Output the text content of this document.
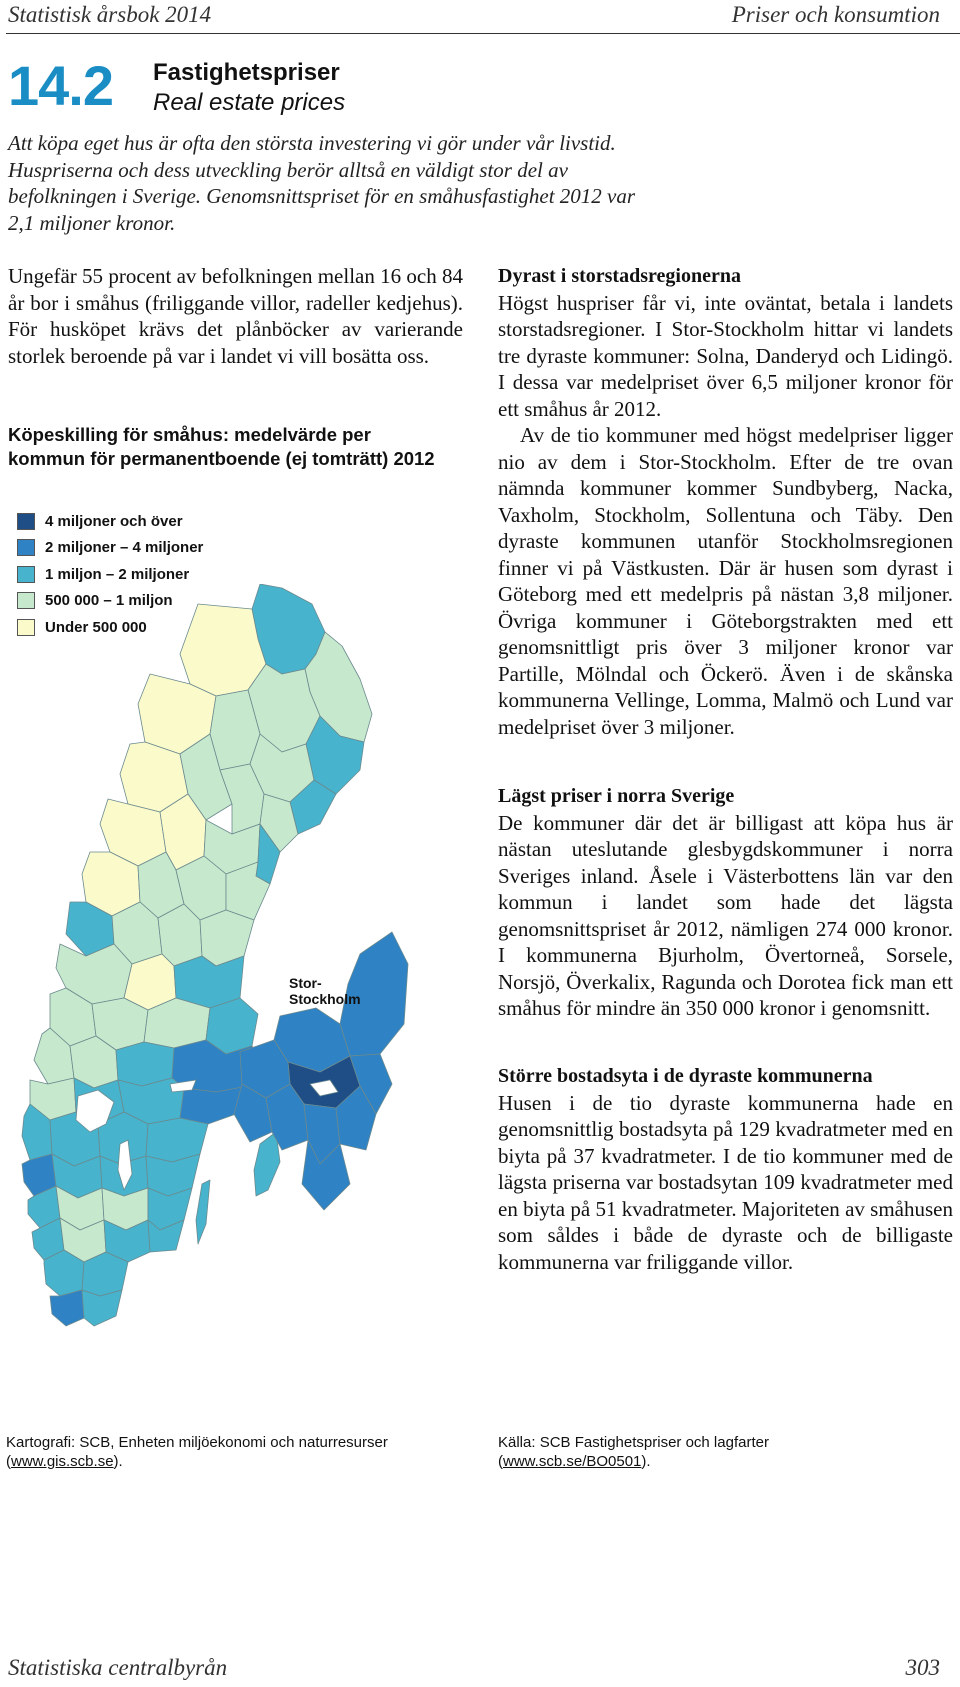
Statistisk årsbok 2014	Priser och konsumtion
14.2 Fastighetspriser
Real estate prices
Att köpa eget hus är ofta den största investering vi gör under vår livstid. Huspriserna och dess utveckling berör alltså en väldigt stor del av befolkningen i Sverige. Genomsnittspriset för en småhusfastighet 2012 var 2,1 miljoner kronor.
Ungefär 55 procent av befolkningen mellan 16 och 84 år bor i småhus (friliggande villor, radeller kedjehus). För husköpet krävs det plånböcker av varierande storlek beroende på var i landet vi vill bosätta oss.
Köpeskilling för småhus: medelvärde per kommun för permanentboende (ej tomträtt) 2012
4 miljoner och över
2 miljoner – 4 miljoner
1 miljon – 2 miljoner
500 000 – 1 miljon
Under 500 000
Stor-
Stockholm
Dyrast i storstadsregionerna
Högst huspriser får vi, inte oväntat, betala i landets storstadsregioner. I Stor-Stockholm hittar vi landets tre dyraste kommuner: Solna, Danderyd och Lidingö. I dessa var medelpriset över 6,5 miljoner kronor för ett småhus år 2012.
Av de tio kommuner med högst medelpriser ligger nio av dem i Stor-Stockholm. Efter de tre ovan nämnda kommuner kommer Sundbyberg, Nacka, Vaxholm, Stockholm, Sollentuna och Täby. Den dyraste kommunen utanför Stockholmsregionen finner vi på Västkusten. Där är husen som dyrast i Göteborg med ett medelpris på nästan 3,8 miljoner. Övriga kommuner i Göteborgstrakten med ett genomsnittligt pris över 3 miljoner kronor var Partille, Mölndal och Öckerö. Även i de skånska kommunerna Vellinge, Lomma, Malmö och Lund var medelpriset över 3 miljoner.
Lägst priser i norra Sverige
De kommuner där det är billigast att köpa hus är nästan uteslutande glesbygdskommuner i norra Sveriges inland. Åsele i Västerbottens län var den kommun i landet som hade det lägsta genomsnittspriset år 2012, nämligen 274 000 kronor. I kommunerna Bjurholm, Övertorneå, Sorsele, Norsjö, Överkalix, Ragunda och Dorotea fick man ett småhus för mindre än 350 000 kronor i genomsnitt.
Större bostadsyta i de dyraste kommunerna
Husen i de tio dyraste kommunerna hade en genomsnittlig bostadsyta på 129 kvadratmeter med en biyta på 37 kvadratmeter. I de tio kommuner med de lägsta priserna var bostadsytan 109 kvadratmeter med en biyta på 51 kvadratmeter. Majoriteten av småhusen som såldes i både de dyraste och de billigaste kommunerna var friliggande villor.
Kartografi: SCB, Enheten miljöekonomi och naturresurser
(www.gis.scb.se).
Källa: SCB Fastighetspriser och lagfarter
(www.scb.se/BO0501).
Statistiska centralbyrån	303
